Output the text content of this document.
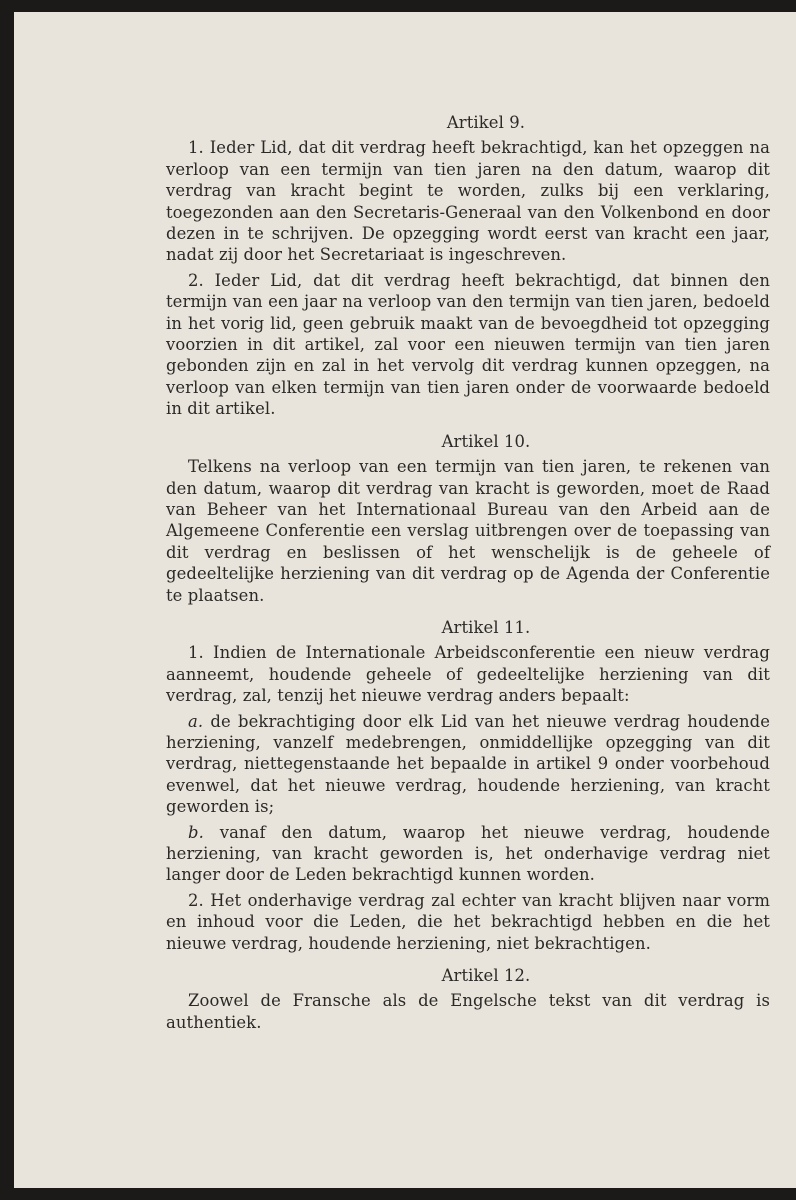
Artikel 9.

1. Ieder Lid, dat dit verdrag heeft bekrachtigd, kan het opzeggen na verloop van een termijn van tien jaren na den datum, waarop dit verdrag van kracht begint te worden, zulks bij een verklaring, toegezonden aan den Secretaris-Generaal van den Volkenbond en door dezen in te schrijven. De opzegging wordt eerst van kracht een jaar, nadat zij door het Secretariaat is ingeschreven.

2. Ieder Lid, dat dit verdrag heeft bekrachtigd, dat binnen den termijn van een jaar na verloop van den termijn van tien jaren, bedoeld in het vorig lid, geen gebruik maakt van de bevoegdheid tot opzegging voorzien in dit artikel, zal voor een nieuwen termijn van tien jaren gebonden zijn en zal in het vervolg dit verdrag kunnen opzeggen, na verloop van elken termijn van tien jaren onder de voorwaarde bedoeld in dit artikel.

Artikel 10.

Telkens na verloop van een termijn van tien jaren, te rekenen van den datum, waarop dit verdrag van kracht is geworden, moet de Raad van Beheer van het Internationaal Bureau van den Arbeid aan de Algemeene Conferentie een verslag uitbrengen over de toepassing van dit verdrag en beslissen of het wenschelijk is de geheele of gedeeltelijke herziening van dit verdrag op de Agenda der Conferentie te plaatsen.

Artikel 11.

1. Indien de Internationale Arbeidsconferentie een nieuw verdrag aanneemt, houdende geheele of gedeeltelijke herziening van dit verdrag, zal, tenzij het nieuwe verdrag anders bepaalt:

a. de bekrachtiging door elk Lid van het nieuwe verdrag houdende herziening, vanzelf medebrengen, onmiddellijke opzegging van dit verdrag, niettegenstaande het bepaalde in artikel 9 onder voorbehoud evenwel, dat het nieuwe verdrag, houdende herziening, van kracht geworden is;

b. vanaf den datum, waarop het nieuwe verdrag, houdende herziening, van kracht geworden is, het onderhavige verdrag niet langer door de Leden bekrachtigd kunnen worden.

2. Het onderhavige verdrag zal echter van kracht blijven naar vorm en inhoud voor die Leden, die het bekrachtigd hebben en die het nieuwe verdrag, houdende herziening, niet bekrachtigen.

Artikel 12.

Zoowel de Fransche als de Engelsche tekst van dit verdrag is authentiek.
